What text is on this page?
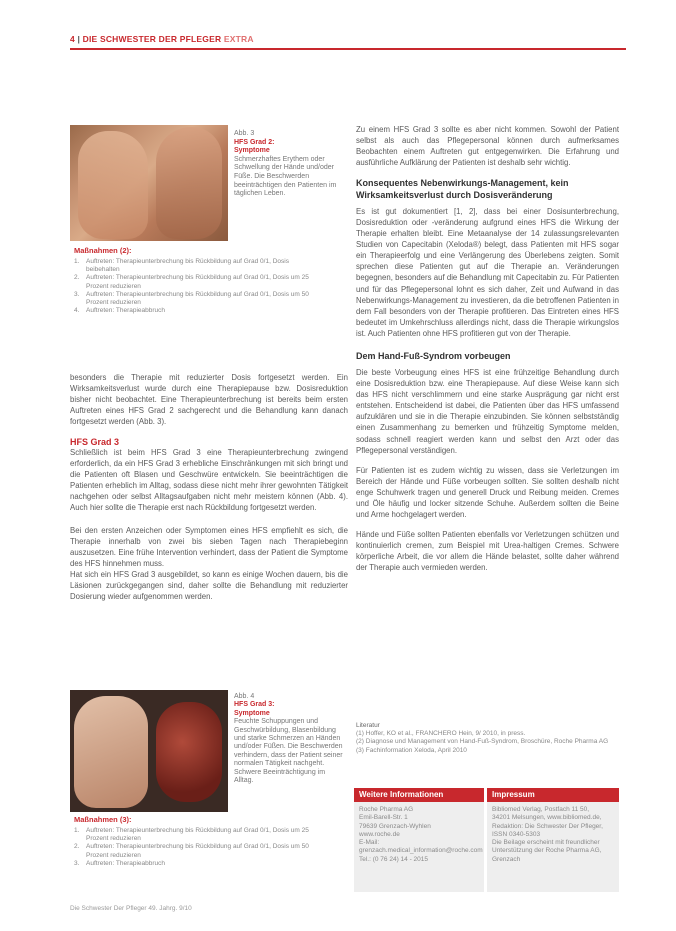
4 | DIE SCHWESTER DER PFLEGER EXTRA
Abb. 3
HFS Grad 2:
Symptome
Schmerzhaftes Erythem oder Schwellung der Hände und/oder Füße. Die Beschwerden beeinträchtigen den Patienten im täglichen Leben.
Maßnahmen (2):
1.	Auftreten: Therapieunterbrechung bis Rückbildung auf Grad 0/1, Dosis beibehalten
2.	Auftreten: Therapieunterbrechung bis Rückbildung auf Grad 0/1, Dosis um 25 Prozent reduzieren
3.	Auftreten: Therapieunterbrechung bis Rückbildung auf Grad 0/1, Dosis um 50 Prozent reduzieren
4.	Auftreten: Therapieabbruch

besonders die Therapie mit reduzierter Dosis fortgesetzt werden. Ein Wirksamkeitsverlust wurde durch eine Therapiepause bzw. Dosisreduktion bisher nicht beobachtet. Eine Therapieunterbrechung ist bereits beim ersten Auftreten eines HFS Grad 2 sachgerecht und die Behandlung kann danach fortgesetzt werden (Abb. 3).

HFS Grad 3

Schließlich ist beim HFS Grad 3 eine Therapieunterbrechung zwingend erforderlich, da ein HFS Grad 3 erhebliche Einschränkungen mit sich bringt und die Patienten oft Blasen und Geschwüre entwickeln. Sie beeinträchtigen die Patienten erheblich im Alltag, sodass diese nicht mehr ihrer gewohnten Tätigkeit nachgehen oder selbst Alltagsaufgaben nicht mehr meistern können (Abb. 4). Auch hier sollte die Therapie erst nach Rückbildung fortgesetzt werden.

Bei den ersten Anzeichen oder Symptomen eines HFS empfiehlt es sich, die Therapie innerhalb von zwei bis sieben Tagen nach Therapiebeginn auszusetzen. Eine frühe Intervention verhindert, dass der Patient die Symptome des HFS hinnehmen muss.

Hat sich ein HFS Grad 3 ausgebildet, so kann es einige Wochen dauern, bis die Läsionen zurückgegangen sind, daher sollte die Behandlung mit reduzierter Dosierung wieder aufgenommen werden.

Zu einem HFS Grad 3 sollte es aber nicht kommen. Sowohl der Patient selbst als auch das Pflegepersonal können durch aufmerksames Beobachten einem Auftreten gut entgegenwirken. Die Erfahrung und ausführliche Aufklärung der Patienten ist deshalb sehr wichtig.

Konsequentes Nebenwirkungs-Management, kein Wirksamkeitsverlust durch Dosisveränderung

Es ist gut dokumentiert [1, 2], dass bei einer Dosisunterbrechung, Dosisreduktion oder -veränderung aufgrund eines HFS die Wirkung der Therapie erhalten bleibt. Eine Metaanalyse der 14 zulassungsrelevanten Studien von Capecitabin (Xeloda®) belegt, dass Patienten mit HFS sogar ein Therapieerfolg und eine Verlängerung des Überlebens zeigten. Somit sprechen diese Patienten gut auf die Therapie an. Veränderungen begegnen, besonders auf die Behandlung mit Capecitabin zu. Für Patienten und für das Pflegepersonal lohnt es sich daher, Zeit und Aufwand in das Nebenwirkungs-Management zu investieren, da die betroffenen Patienten in dem Fall besonders von der Therapie profitieren. Das Eintreten eines HFS bedeutet im Umkehrschluss allerdings nicht, dass die Therapie wirkungslos ist. Auch Patienten ohne HFS profitieren gut von der Therapie.

Dem Hand-Fuß-Syndrom vorbeugen

Die beste Vorbeugung eines HFS ist eine frühzeitige Behandlung durch eine Dosisreduktion bzw. eine Therapiepause. Auf diese Weise kann sich das HFS nicht verschlimmern und eine starke Ausprägung gar nicht erst entstehen. Entscheidend ist dabei, die Patienten über das HFS umfassend aufzuklären und sie in die Therapie einzubinden. Sie können selbstständig einen Zusammenhang zu bemerken und frühzeitig Symptome melden, sodass schnell reagiert werden kann und selbst den Arzt oder das Pflegepersonal verständigen.

Für Patienten ist es zudem wichtig zu wissen, dass sie Verletzungen im Bereich der Hände und Füße vorbeugen sollten. Sie sollten deshalb nicht enge Schuhwerk tragen und generell Druck und Reibung meiden. Cremes und Öle häufig und locker sitzende Schuhe. Außerdem sollten die Beine und Arme hochgelagert werden.

Hände und Füße sollten Patienten ebenfalls vor Verletzungen schützen und kontinuierlich cremen, zum Beispiel mit Urea-haltigen Cremes. Schwere körperliche Arbeit, die vor allem die Hände belastet, sollte daher während der Therapie auch vermieden werden.

Abb. 4
HFS Grad 3:
Symptome
Feuchte Schuppungen und Geschwürbildung, Blasenbildung und starke Schmerzen an Händen und/oder Füßen. Die Beschwerden verhindern, dass der Patient seiner normalen Tätigkeit nachgeht. Schwere Beeinträchtigung im Alltag.
Maßnahmen (3):
1.	Auftreten: Therapieunterbrechung bis Rückbildung auf Grad 0/1, Dosis um 25 Prozent reduzieren
2.	Auftreten: Therapieunterbrechung bis Rückbildung auf Grad 0/1, Dosis um 50 Prozent reduzieren
3.	Auftreten: Therapieabbruch
Literatur
(1) Hoffer, KO et al., FRANCHERO Hein, 9/ 2010, in press.
(2) Diagnose und Management von Hand-Fuß-Syndrom, Broschüre, Roche Pharma AG
(3) Fachinformation Xeloda, April 2010
Weitere Informationen
Roche Pharma AG
Emil-Barell-Str. 1
79639 Grenzach-Wyhlen
www.roche.de
E-Mail: grenzach.medical_information@roche.com
Tel.: (0 76 24) 14 - 2015
Impressum
Bibliomed Verlag, Postfach 11 50,
34201 Melsungen, www.bibliomed.de,
Redaktion: Die Schwester Der Pfleger,
ISSN 0340-5303
Die Beilage erscheint mit freundlicher Unterstützung der Roche Pharma AG, Grenzach
Die Schwester Der Pfleger 49. Jahrg. 9/10
